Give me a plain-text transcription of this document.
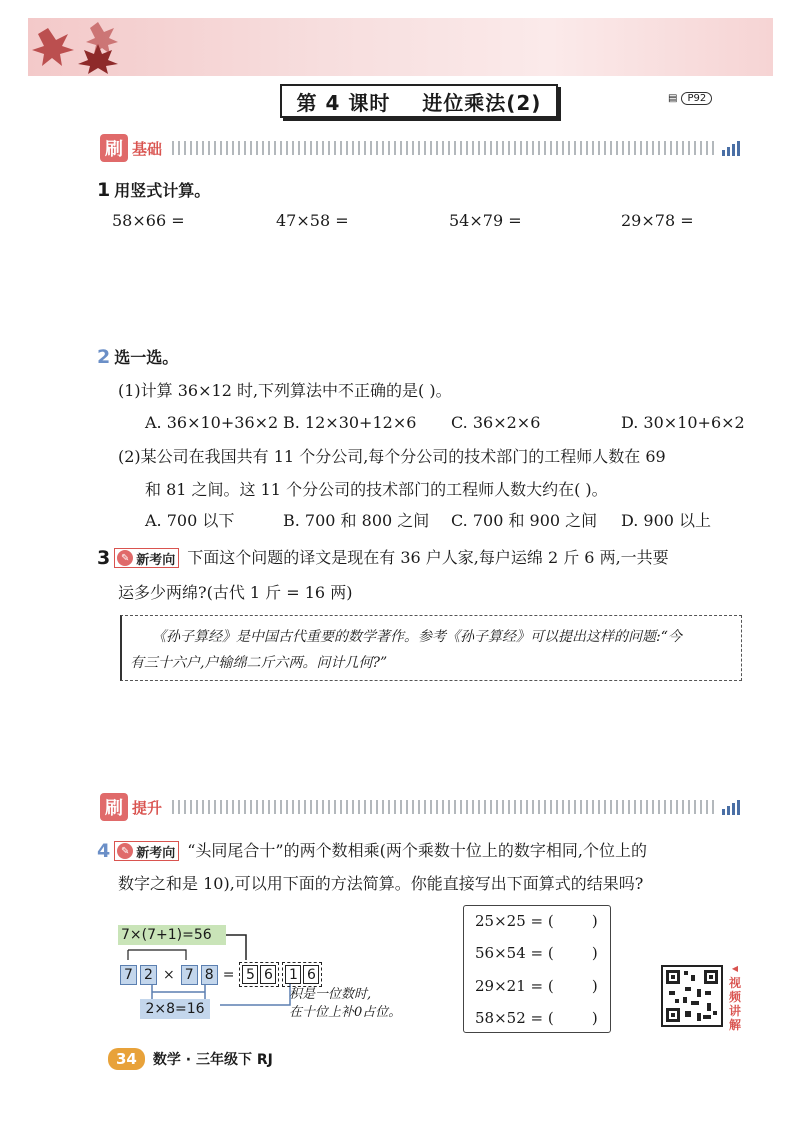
第 4 课时    进位乘法(2)	▤	P92
刷 基础
1 用竖式计算。
58×66 =	47×58 =	54×79 =	29×78 =
2 选一选。
(1)计算 36×12 时,下列算法中不正确的是( )。
A. 36×10+36×2 B. 12×30+12×6 C. 36×2×6	D. 30×10+6×2
(2)某公司在我国共有 11 个分公司,每个分公司的技术部门的工程师人数在 69
和 81 之间。这 11 个分公司的技术部门的工程师人数大约在( )。
A. 700 以下	B. 700 和 800 之间 C. 700 和 900 之间 D. 900 以上
3	✎ 新考向 下面这个问题的译文是现在有 36 户人家,每户运绵 2 斤 6 两,一共要
运多少两绵?(古代 1 斤 = 16 两)
《孙子算经》是中国古代重要的数学著作。参考《孙子算经》可以提出这样的问题:“今
有三十六户,户输绵二斤六两。问计几何?”
刷 提升
4	✎ 新考向 “头同尾合十”的两个数相乘(两个乘数十位上的数字相同,个位上的
数字之和是 10),可以用下面的方法简算。你能直接写出下面算式的结果吗?
7×(7+1)=56
7 2 × 7 8 = 5 6 1 6
2×8=16
积是一位数时,
在十位上补0占位。
25×25 = (        )
56×54 = (        )
29×21 = (        )
58×52 = (        )
◀
视
频
讲
解
34	数学 · 三年级下 RJ
